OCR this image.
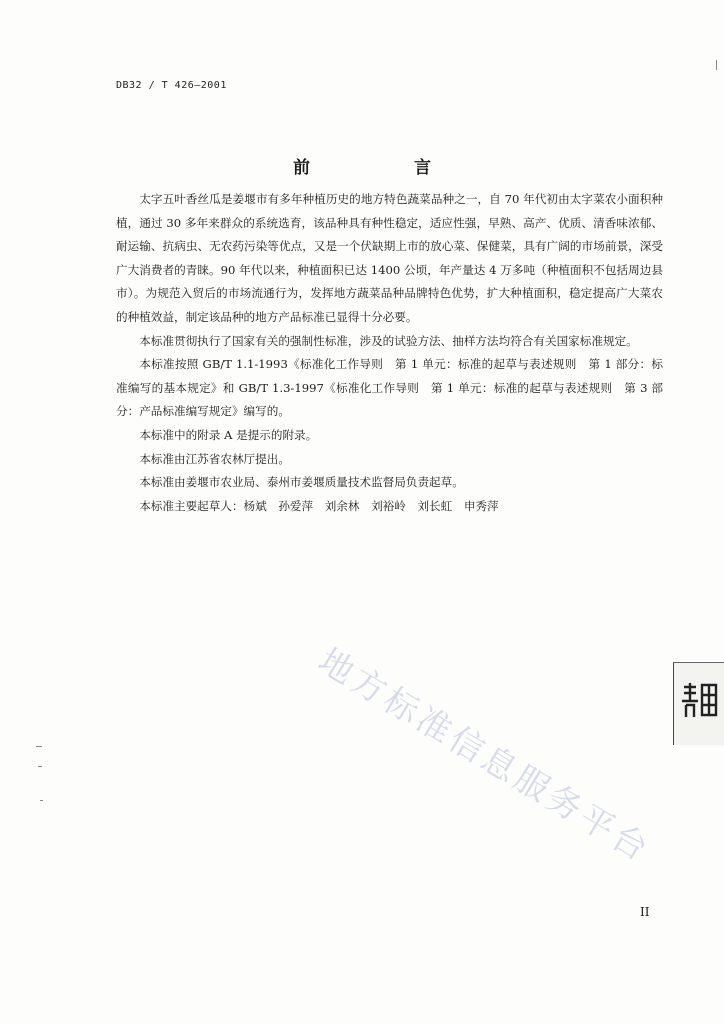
DB32 / T 426—2001
前言

太字五叶香丝瓜是姜堰市有多年种植历史的地方特色蔬菜品种之一，自 70 年代初由太字菜农小面积种植，通过 30 多年来群众的系统选育，该品种具有种性稳定，适应性强，早熟、高产、优质、清香味浓郁、耐运输、抗病虫、无农药污染等优点，又是一个伏缺期上市的放心菜、保健菜，具有广阔的市场前景，深受广大消费者的青睐。90 年代以来，种植面积已达 1400 公顷，年产量达 4 万多吨（种植面积不包括周边县市）。为规范入贸后的市场流通行为，发挥地方蔬菜品种品牌特色优势，扩大种植面积，稳定提高广大菜农的种植效益，制定该品种的地方产品标准已显得十分必要。

本标准贯彻执行了国家有关的强制性标准，涉及的试验方法、抽样方法均符合有关国家标准规定。

本标准按照 GB/T 1.1-1993《标准化工作导则　第 1 单元：标准的起草与表述规则　第 1 部分：标准编写的基本规定》和 GB/T 1.3-1997《标准化工作导则　第 1 单元：标准的起草与表述规则　第 3 部分：产品标准编写规定》编写的。

本标准中的附录 A 是提示的附录。

本标准由江苏省农林厅提出。

本标准由姜堰市农业局、泰州市姜堰质量技术监督局负责起草。

本标准主要起草人：杨斌　孙爱萍　刘余林　刘裕岭　刘长虹　申秀萍

地方标准信息服务平台
II
